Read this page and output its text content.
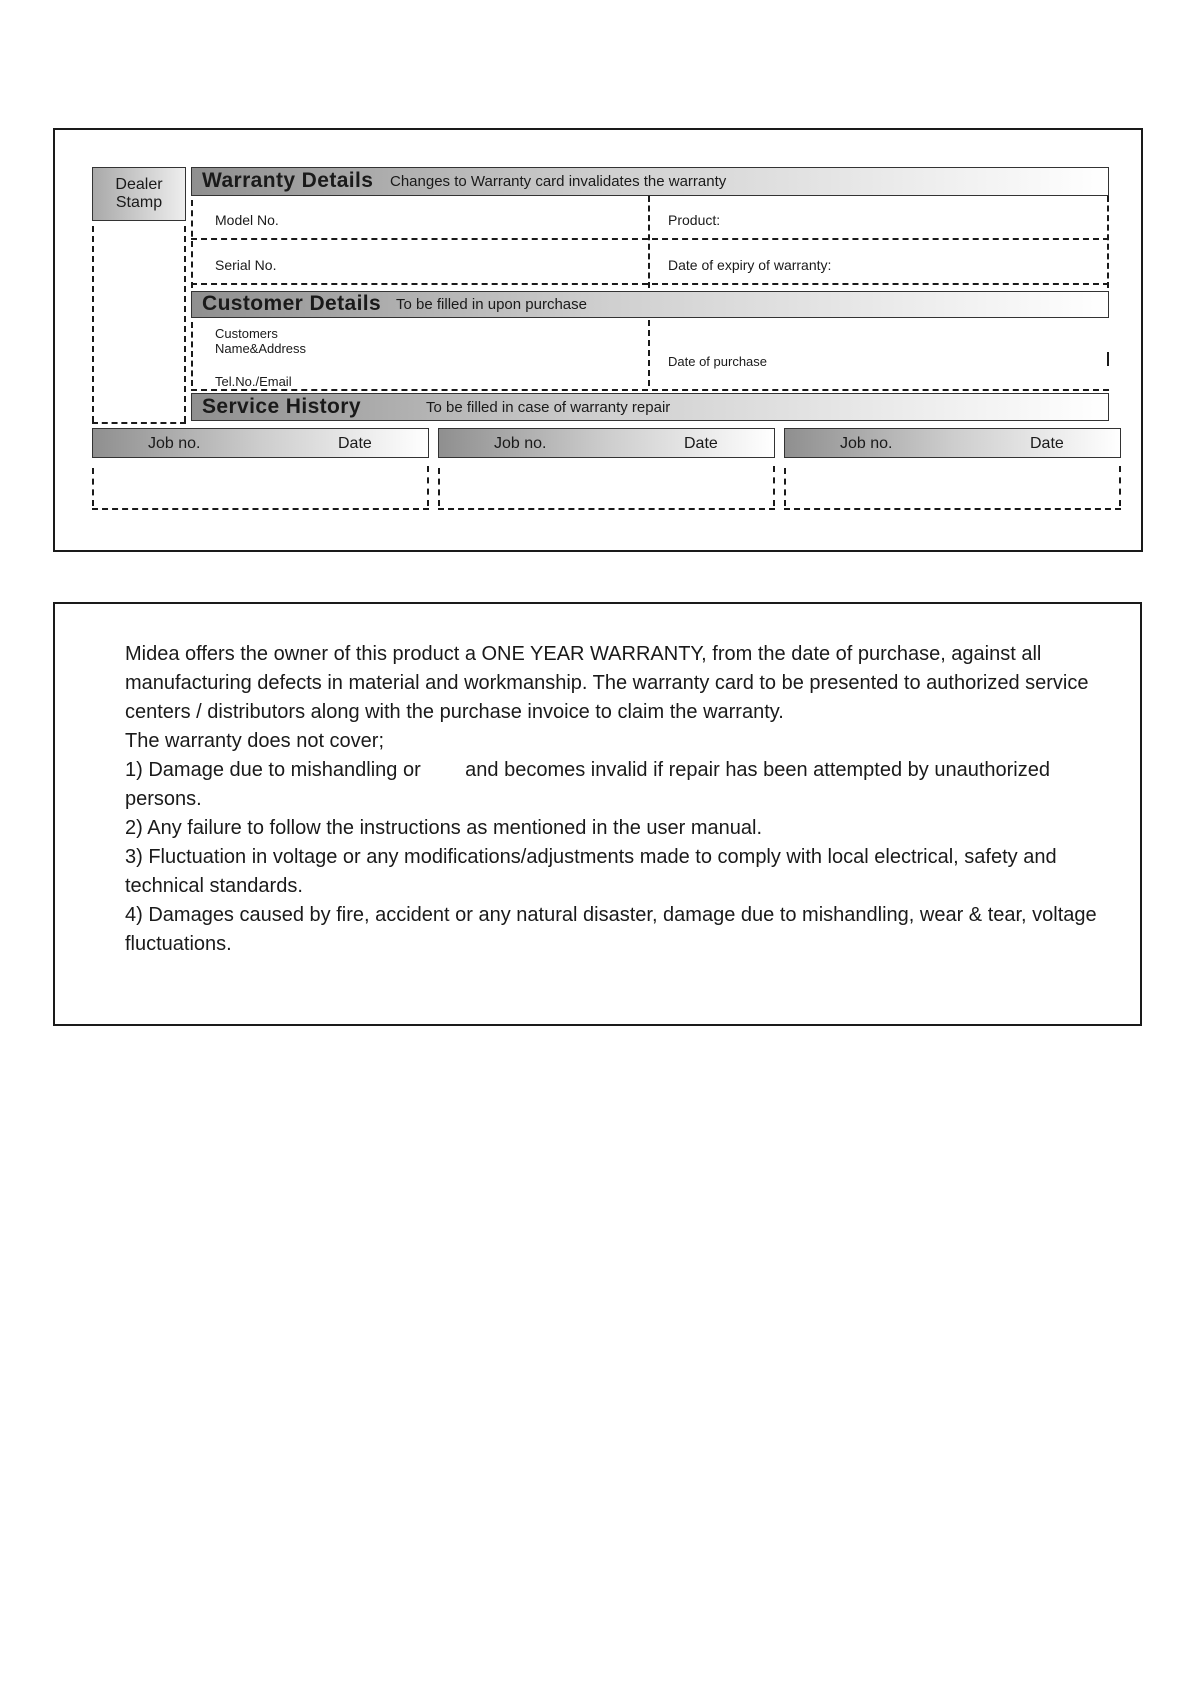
Dealer
Stamp
Warranty Details Changes to Warranty card invalidates the warranty
Model No.	Product:
Serial No.	Date of expiry of warranty:
Customer Details To be filled in upon purchase
Customers
Name&Address
Tel.No./Email
Date of purchase
Service History	To be filled in case of warranty repair
Job no.	Date	Job no.	Date	Job no.	Date

Midea offers the owner of this product a ONE YEAR WARRANTY, from the date of purchase, against all manufacturing defects in material and workmanship. The warranty card to be presented to authorized service centers / distributors along with the purchase invoice to claim the warranty.

The warranty does not cover;

1) Damage due to mishandling or        and becomes invalid if repair has been attempted by unauthorized persons.

2) Any failure to follow the instructions as mentioned in the user manual.

3) Fluctuation in voltage or any modifications/adjustments made to comply with local electrical, safety and technical standards.

4) Damages caused by fire, accident or any natural disaster, damage due to mishandling, wear & tear, voltage fluctuations.
